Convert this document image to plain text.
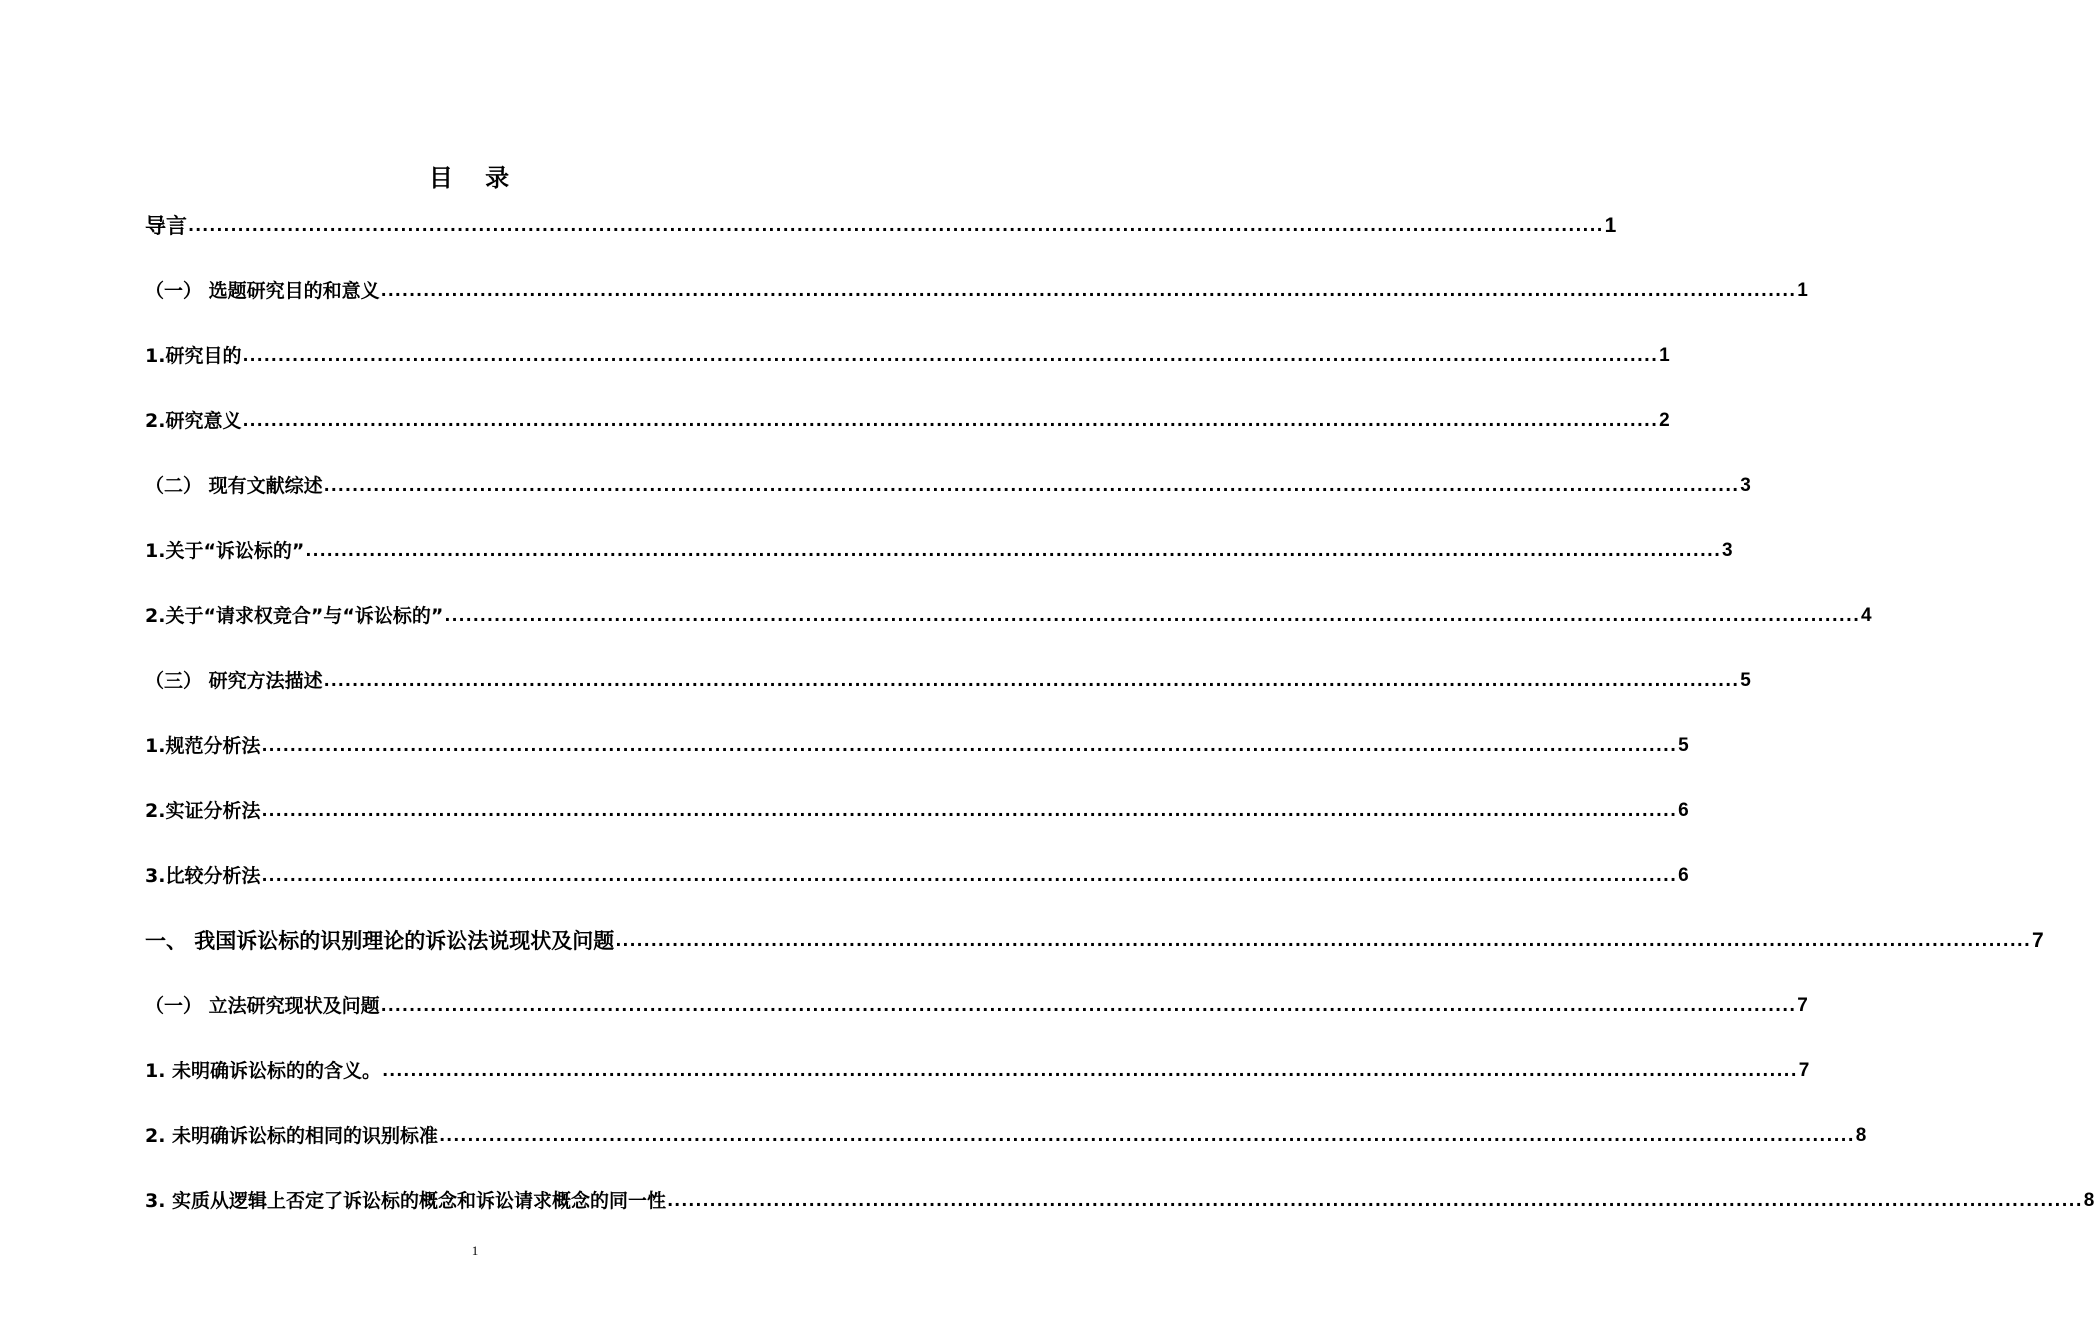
目 录
导言 ........................................................................................................................................................................................................ 1
（一） 选题研究目的和意义 ........................................................................................................................................................................................................ 1
1.研究目的 ........................................................................................................................................................................................................ 1
2.研究意义 ........................................................................................................................................................................................................ 2
（二） 现有文献综述 ........................................................................................................................................................................................................ 3
1.关于“诉讼标的” ........................................................................................................................................................................................................ 3
2.关于“请求权竞合”与“诉讼标的” ........................................................................................................................................................................................................ 4
（三） 研究方法描述 ........................................................................................................................................................................................................ 5
1.规范分析法 ........................................................................................................................................................................................................ 5
2.实证分析法 ........................................................................................................................................................................................................ 6
3.比较分析法 ........................................................................................................................................................................................................ 6
一、 我国诉讼标的识别理论的诉讼法说现状及问题 ........................................................................................................................................................................................................ 7
（一） 立法研究现状及问题 ........................................................................................................................................................................................................ 7
1. 未明确诉讼标的的含义。 ........................................................................................................................................................................................................ 7
2. 未明确诉讼标的相同的识别标准 ........................................................................................................................................................................................................ 8
3. 实质从逻辑上否定了诉讼标的概念和诉讼请求概念的同一性 ........................................................................................................................................................................................................ 8
1
